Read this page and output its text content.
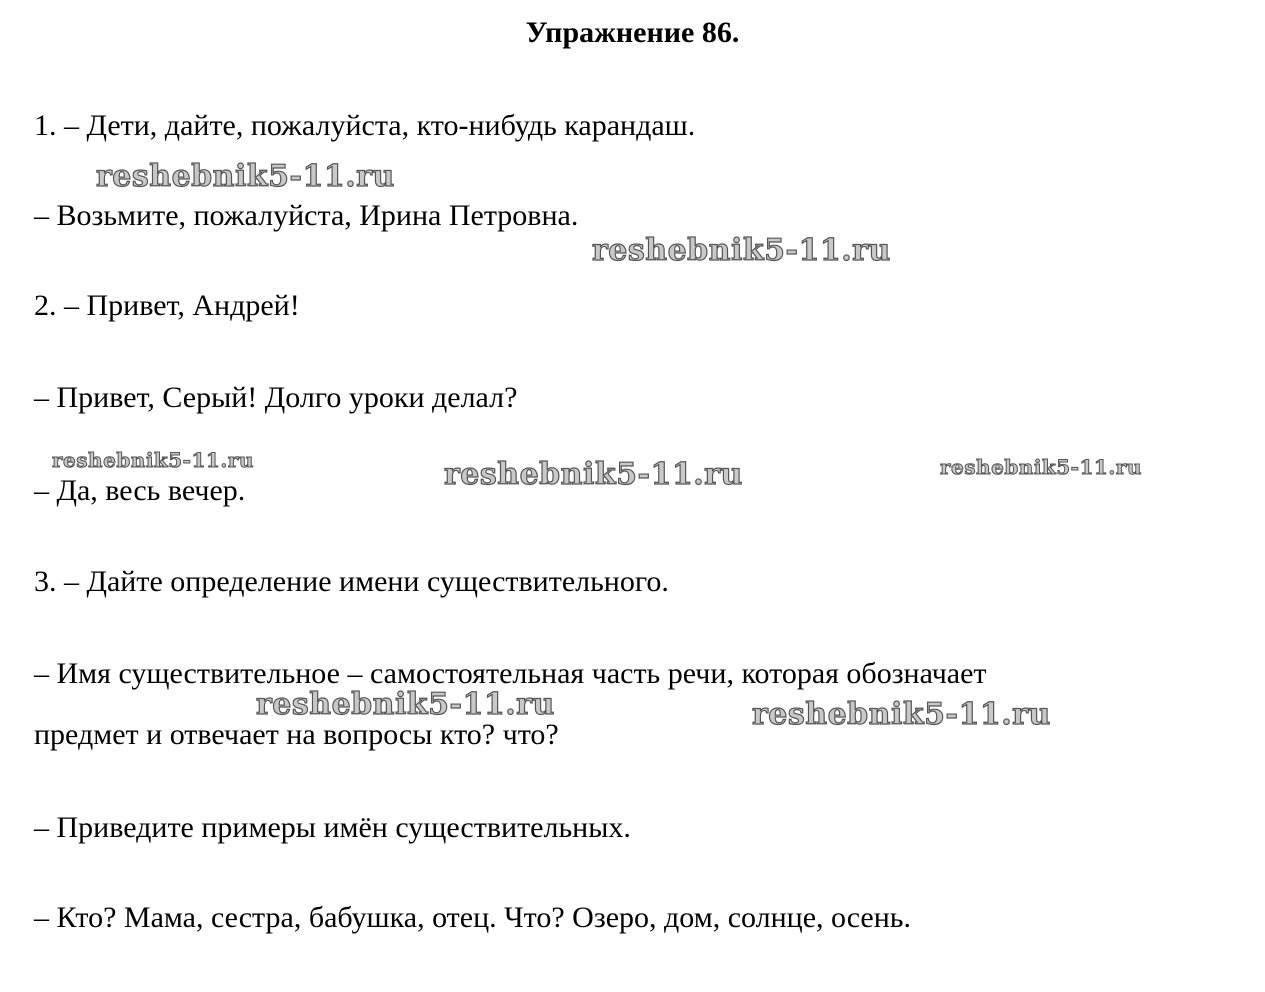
Упражнение 86.
1. – Дети, дайте, пожалуйста, кто-нибудь карандаш.
– Возьмите, пожалуйста, Ирина Петровна.
2. – Привет, Андрей!
– Привет, Серый! Долго уроки делал?
– Да, весь вечер.
3. – Дайте определение имени существительного.
– Имя существительное – самостоятельная часть речи, которая обозначает
предмет и отвечает на вопросы кто? что?
– Приведите примеры имён существительных.
– Кто? Мама, сестра, бабушка, отец. Что? Озеро, дом, солнце, осень.
reshebnik5-11.ru
reshebnik5-11.ru
reshebnik5-11.ru	reshebnik5-11.ru	reshebnik5-11.ru
reshebnik5-11.ru	reshebnik5-11.ru
